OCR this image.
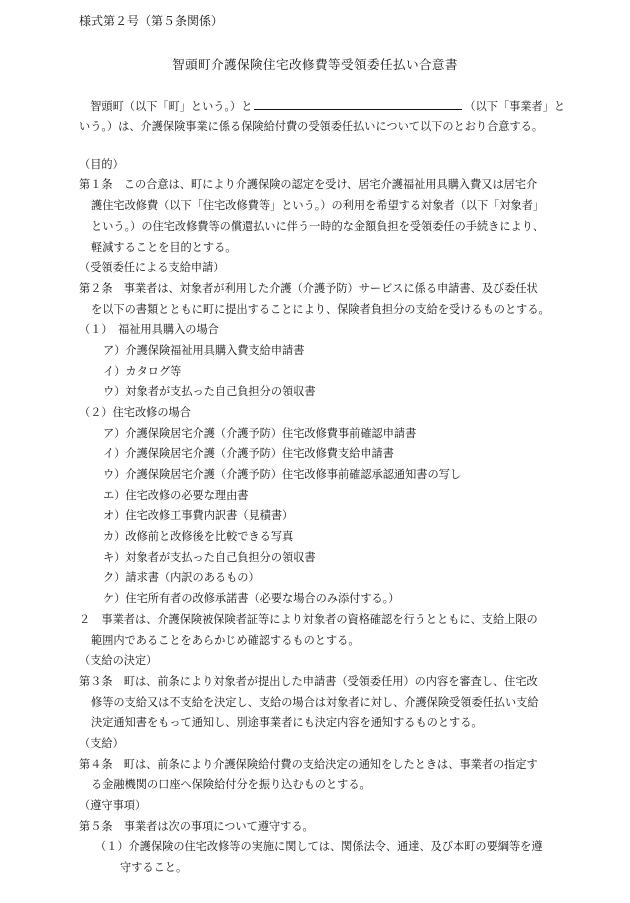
様式第２号（第５条関係）
智頭町介護保険住宅改修費等受領委任払い合意書
　智頭町（以下「町」という。）と	（以下「事業者」と
いう。）は、介護保険事業に係る保険給付費の受領委任払いについて以下のとおり合意する。
（目的）
第１条　この合意は、町により介護保険の認定を受け、居宅介護福祉用具購入費又は居宅介
護住宅改修費（以下「住宅改修費等」という。）の利用を希望する対象者（以下「対象者」
という。）の住宅改修費等の償還払いに伴う一時的な金額負担を受領委任の手続きにより、
軽減することを目的とする。
（受領委任による支給申請）
第２条　事業者は、対象者が利用した介護（介護予防）サービスに係る申請書、及び委任状
を以下の書類とともに町に提出することにより、保険者負担分の支給を受けるものとする。
（１）　福祉用具購入の場合
ア）介護保険福祉用具購入費支給申請書
イ）カタログ等
ウ）対象者が支払った自己負担分の領収書
（２）住宅改修の場合
ア）介護保険居宅介護（介護予防）住宅改修費事前確認申請書
イ）介護保険居宅介護（介護予防）住宅改修費支給申請書
ウ）介護保険居宅介護（介護予防）住宅改修事前確認承認通知書の写し
エ）住宅改修の必要な理由書
オ）住宅改修工事費内訳書（見積書）
カ）改修前と改修後を比較できる写真
キ）対象者が支払った自己負担分の領収書
ク）請求書（内訳のあるもの）
ケ）住宅所有者の改修承諾書（必要な場合のみ添付する。）
２　事業者は、介護保険被保険者証等により対象者の資格確認を行うとともに、支給上限の
範囲内であることをあらかじめ確認するものとする。
（支給の決定）
第３条　町は、前条により対象者が提出した申請書（受領委任用）の内容を審査し、住宅改
修等の支給又は不支給を決定し、支給の場合は対象者に対し、介護保険受領委任払い支給
決定通知書をもって通知し、別途事業者にも決定内容を通知するものとする。
（支給）
第４条　町は、前条により介護保険給付費の支給決定の通知をしたときは、事業者の指定す
る金融機関の口座へ保険給付分を振り込むものとする。
（遵守事項）
第５条　事業者は次の事項について遵守する。
（１）介護保険の住宅改修等の実施に関しては、関係法令、通達、及び本町の要綱等を遵
守すること。
